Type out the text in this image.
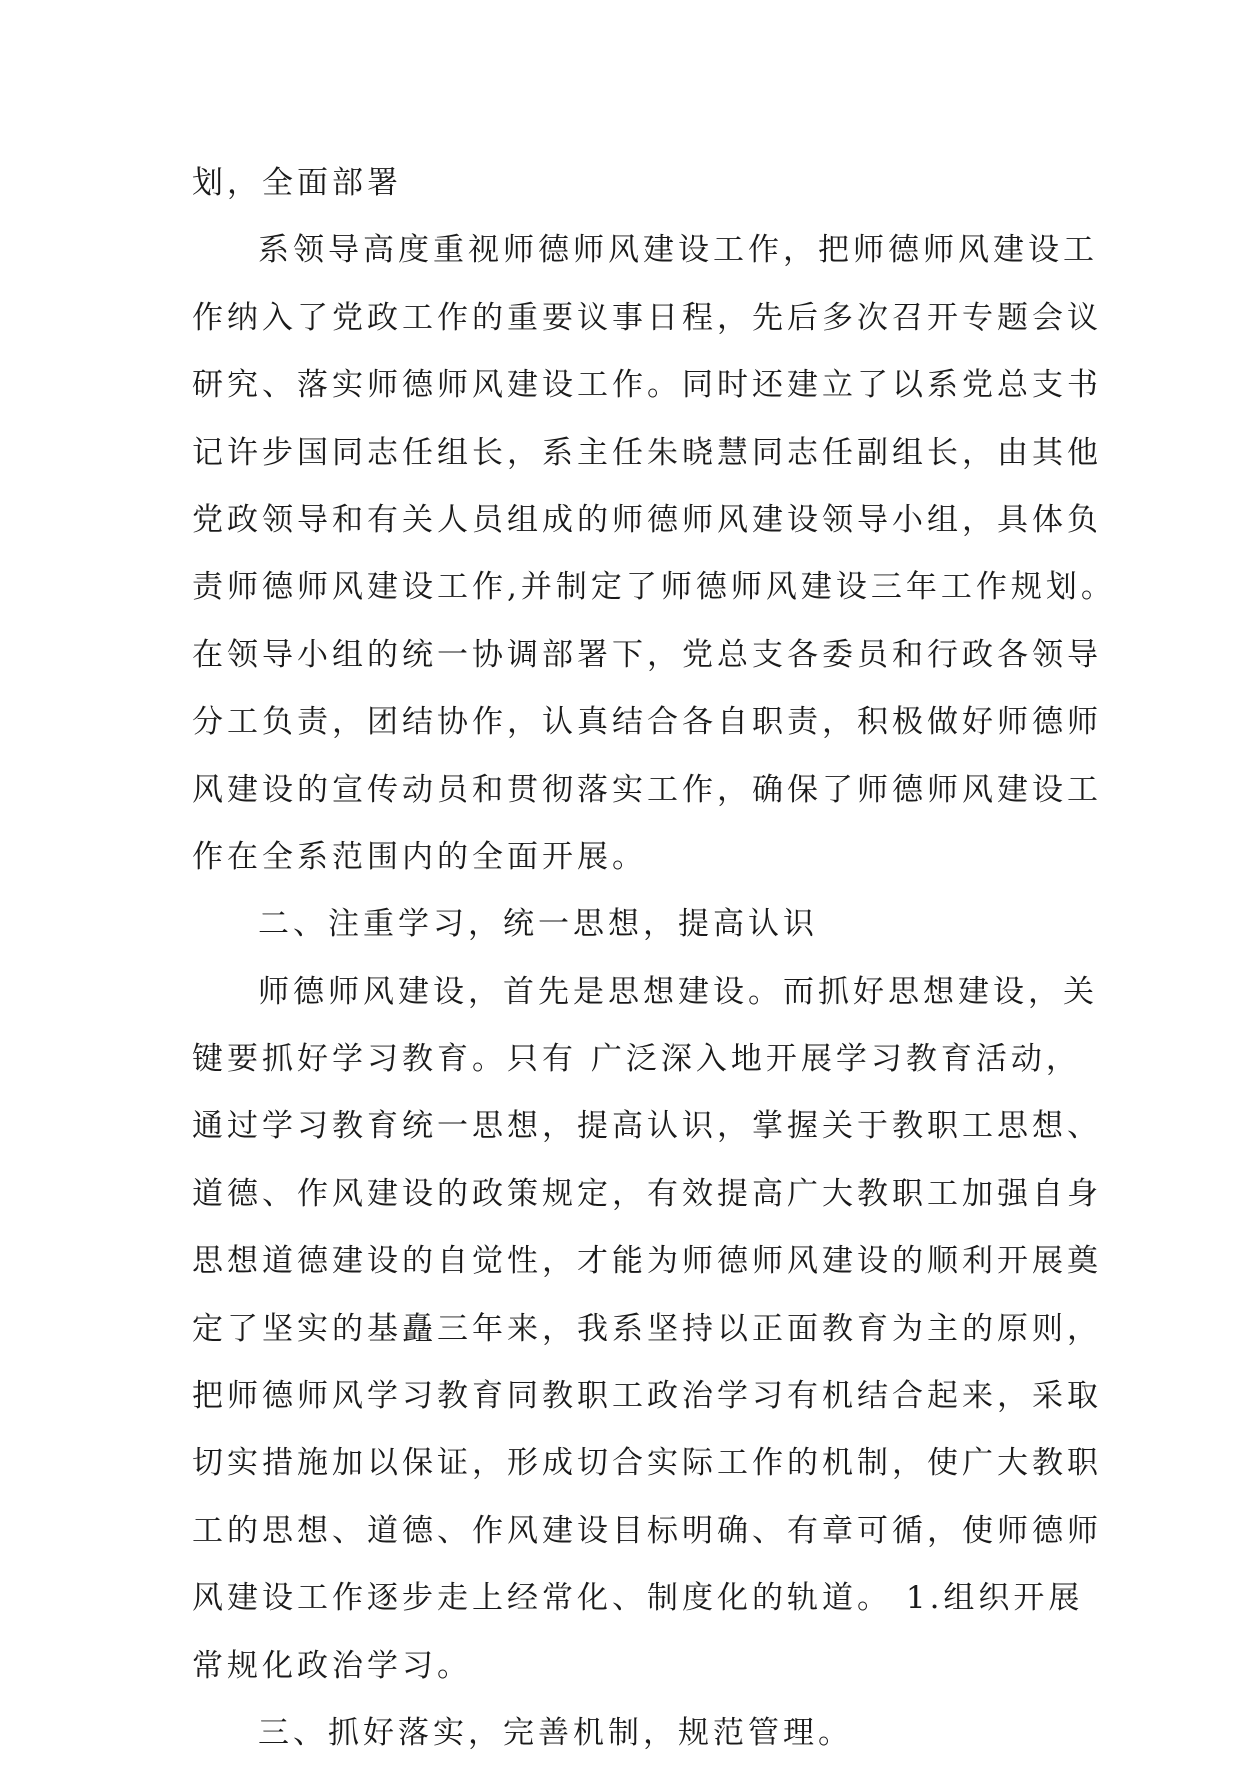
划，全面部署
系领导高度重视师德师风建设工作，把师德师风建设工
作纳入了党政工作的重要议事日程，先后多次召开专题会议
研究、落实师德师风建设工作。同时还建立了以系党总支书
记许步国同志任组长，系主任朱晓慧同志任副组长，由其他
党政领导和有关人员组成的师德师风建设领导小组，具体负
责师德师风建设工作,并制定了师德师风建设三年工作规划。
在领导小组的统一协调部署下，党总支各委员和行政各领导
分工负责，团结协作，认真结合各自职责，积极做好师德师
风建设的宣传动员和贯彻落实工作，确保了师德师风建设工
作在全系范围内的全面开展。
二、注重学习，统一思想，提高认识
师德师风建设，首先是思想建设。而抓好思想建设，关
键要抓好学习教育。只有 广泛深入地开展学习教育活动，
通过学习教育统一思想，提高认识，掌握关于教职工思想、
道德、作风建设的政策规定，有效提高广大教职工加强自身
思想道德建设的自觉性，才能为师德师风建设的顺利开展奠
定了坚实的基矗三年来，我系坚持以正面教育为主的原则，
把师德师风学习教育同教职工政治学习有机结合起来，采取
切实措施加以保证，形成切合实际工作的机制，使广大教职
工的思想、道德、作风建设目标明确、有章可循，使师德师
风建设工作逐步走上经常化、制度化的轨道。 1.组织开展
常规化政治学习。
三、抓好落实，完善机制，规范管理。
